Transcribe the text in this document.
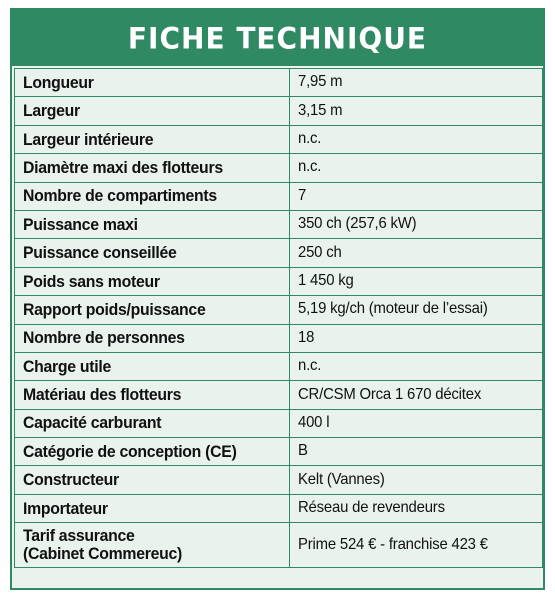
FICHE TECHNIQUE
Longueur	7,95 m
Largeur	3,15 m
Largeur intérieure	n.c.
Diamètre maxi des flotteurs	n.c.
Nombre de compartiments	7
Puissance maxi	350 ch (257,6 kW)
Puissance conseillée	250 ch
Poids sans moteur	1 450 kg
Rapport poids/puissance	5,19 kg/ch (moteur de l’essai)
Nombre de personnes	18
Charge utile	n.c.
Matériau des flotteurs	CR/CSM Orca 1 670 décitex
Capacité carburant	400 l
Catégorie de conception (CE)	B
Constructeur	Kelt (Vannes)
Importateur	Réseau de revendeurs
Tarif assurance
(Cabinet Commereuc)	Prime 524 € - franchise 423 €
